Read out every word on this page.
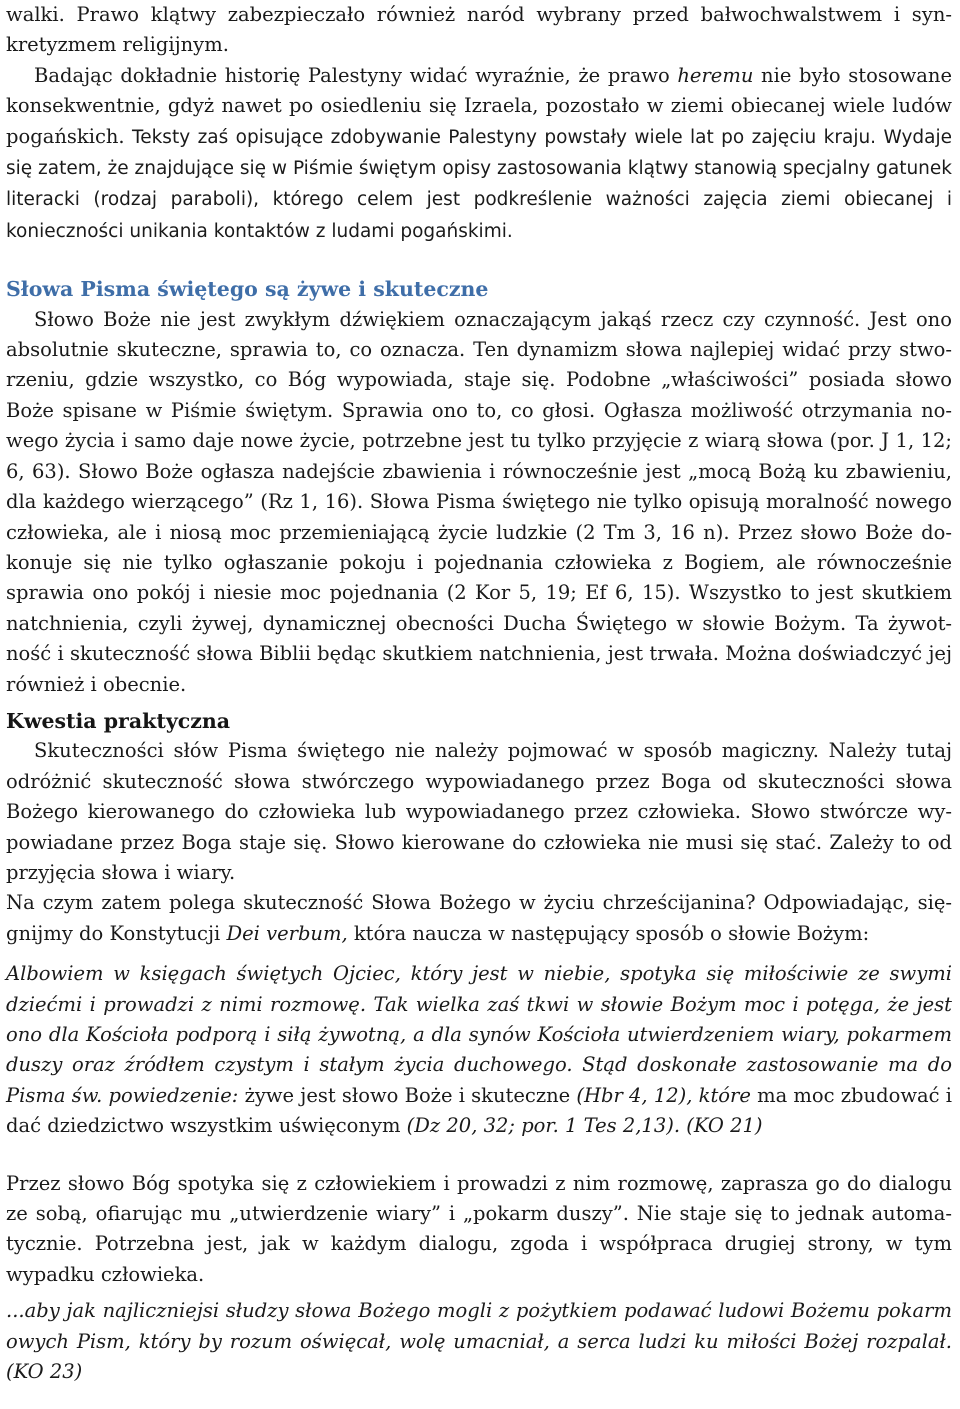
walki. Prawo klątwy zabezpieczało również naród wybrany przed bałwochwalstwem i synkretyzmem religijnym.

Badając dokładnie historię Palestyny widać wyraźnie, że prawo heremu nie było stosowane konsekwentnie, gdyż nawet po osiedleniu się Izraela, pozostało w ziemi obiecanej wiele ludów pogańskich. Teksty zaś opisujące zdobywanie Palestyny powstały wiele lat po zajęciu kraju. Wydaje się zatem, że znajdujące się w Piśmie świętym opisy zastosowania klątwy stanowią specjalny gatunek literacki (rodzaj paraboli), którego celem jest podkreślenie ważności zajęcia ziemi obiecanej i konieczności unikania kontaktów z ludami pogańskimi.

Słowa Pisma świętego są żywe i skuteczne

Słowo Boże nie jest zwykłym dźwiękiem oznaczającym jakąś rzecz czy czynność. Jest ono absolutnie skuteczne, sprawia to, co oznacza. Ten dynamizm słowa najlepiej widać przy stworzeniu, gdzie wszystko, co Bóg wypowiada, staje się. Podobne „właściwości” posiada słowo Boże spisane w Piśmie świętym. Sprawia ono to, co głosi. Ogłasza możliwość otrzymania nowego życia i samo daje nowe życie, potrzebne jest tu tylko przyjęcie z wiarą słowa (por. J 1, 12; 6, 63). Słowo Boże ogłasza nadejście zbawienia i równocześnie jest „mocą Bożą ku zbawieniu, dla każdego wierzącego” (Rz 1, 16). Słowa Pisma świętego nie tylko opisują moralność nowego człowieka, ale i niosą moc przemieniającą życie ludzkie (2 Tm 3, 16 n). Przez słowo Boże dokonuje się nie tylko ogłaszanie pokoju i pojednania człowieka z Bogiem, ale równocześnie sprawia ono pokój i niesie moc pojednania (2 Kor 5, 19; Ef 6, 15). Wszystko to jest skutkiem natchnienia, czyli żywej, dynamicznej obecności Ducha Świętego w słowie Bożym. Ta żywotność i skuteczność słowa Biblii będąc skutkiem natchnienia, jest trwała. Można doświadczyć jej również i obecnie.

Kwestia praktyczna

Skuteczności słów Pisma świętego nie należy pojmować w sposób magiczny. Należy tutaj odróżnić skuteczność słowa stwórczego wypowiadanego przez Boga od skuteczności słowa Bożego kierowanego do człowieka lub wypowiadanego przez człowieka. Słowo stwórcze wypowiadane przez Boga staje się. Słowo kierowane do człowieka nie musi się stać. Zależy to od przyjęcia słowa i wiary.

Na czym zatem polega skuteczność Słowa Bożego w życiu chrześcijanina? Odpowiadając, sięgnijmy do Konstytucji Dei verbum, która naucza w następujący sposób o słowie Bożym:

Albowiem w księgach świętych Ojciec, który jest w niebie, spotyka się miłościwie ze swymi dziećmi i prowadzi z nimi rozmowę. Tak wielka zaś tkwi w słowie Bożym moc i potęga, że jest ono dla Kościoła podporą i siłą żywotną, a dla synów Kościoła utwierdzeniem wiary, pokarmem duszy oraz źródłem czystym i stałym życia duchowego. Stąd doskonałe zastosowanie ma do Pisma św. powiedzenie: żywe jest słowo Boże i skuteczne (Hbr 4, 12), które ma moc zbudować i dać dziedzictwo wszystkim uświęconym (Dz 20, 32; por. 1 Tes 2,13). (KO 21)

Przez słowo Bóg spotyka się z człowiekiem i prowadzi z nim rozmowę, zaprasza go do dialogu ze sobą, ofiarując mu „utwierdzenie wiary” i „pokarm duszy”. Nie staje się to jednak automatycznie. Potrzebna jest, jak w każdym dialogu, zgoda i współpraca drugiej strony, w tym wypadku człowieka.

...aby jak najliczniejsi słudzy słowa Bożego mogli z pożytkiem podawać ludowi Bożemu pokarm owych Pism, który by rozum oświęcał, wolę umacniał, a serca ludzi ku miłości Bożej rozpalał. (KO 23)
